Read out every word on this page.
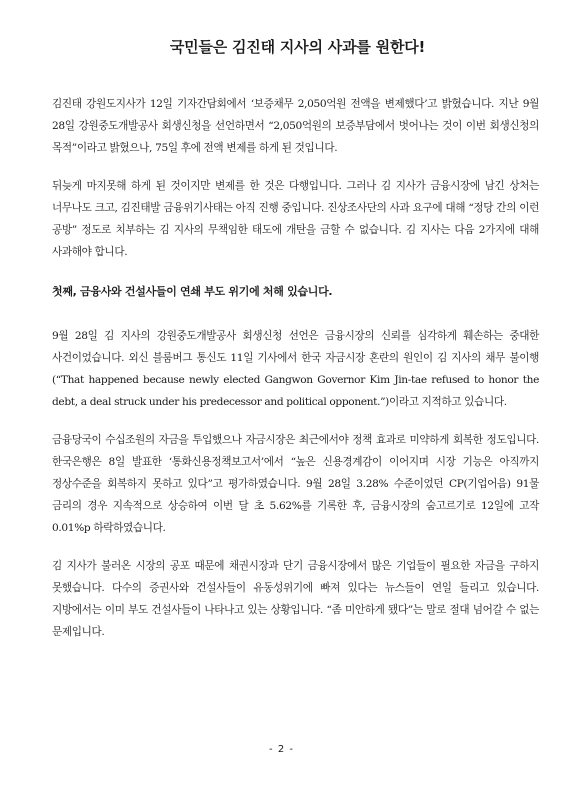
국민들은 김진태 지사의 사과를 원한다!

김진태 강원도지사가 12일 기자간담회에서 ‘보증채무 2,050억원 전액을 변제했다’고 밝혔습니다. 지난 9월 28일 강원중도개발공사 회생신청을 선언하면서 “2,050억원의 보증부담에서 벗어나는 것이 이번 회생신청의 목적”이라고 밝혔으나, 75일 후에 전액 변제를 하게 된 것입니다.

뒤늦게 마지못해 하게 된 것이지만 변제를 한 것은 다행입니다. 그러나 김 지사가 금융시장에 남긴 상처는 너무나도 크고, 김진태발 금융위기사태는 아직 진행 중입니다. 진상조사단의 사과 요구에 대해 “정당 간의 이런 공방” 정도로 치부하는 김 지사의 무책임한 태도에 개탄을 금할 수 없습니다. 김 지사는 다음 2가지에 대해 사과해야 합니다.

첫째, 금융사와 건설사들이 연쇄 부도 위기에 처해 있습니다.

9월 28일 김 지사의 강원중도개발공사 회생신청 선언은 금융시장의 신뢰를 심각하게 훼손하는 중대한 사건이었습니다. 외신 블룸버그 통신도 11일 기사에서 한국 자금시장 혼란의 원인이 김 지사의 채무 불이행(“That happened because newly elected Gangwon Governor Kim Jin-tae refused to honor the debt, a deal struck under his predecessor and political opponent.”)이라고 지적하고 있습니다.

금융당국이 수십조원의 자금을 투입했으나 자금시장은 최근에서야 정책 효과로 미약하게 회복한 정도입니다. 한국은행은 8일 발표한 ‘통화신용정책보고서’에서 “높은 신용경계감이 이어지며 시장 기능은 아직까지 정상수준을 회복하지 못하고 있다”고 평가하였습니다. 9월 28일 3.28% 수준이었던 CP(기업어음) 91물 금리의 경우 지속적으로 상승하여 이번 달 초 5.62%를 기록한 후, 금융시장의 숨고르기로 12일에 고작 0.01%p 하락하였습니다.

김 지사가 불러온 시장의 공포 때문에 채권시장과 단기 금융시장에서 많은 기업들이 필요한 자금을 구하지 못했습니다. 다수의 증권사와 건설사들이 유동성위기에 빠져 있다는 뉴스들이 연일 들리고 있습니다. 지방에서는 이미 부도 건설사들이 나타나고 있는 상황입니다. “좀 미안하게 됐다”는 말로 절대 넘어갈 수 없는 문제입니다.

- 2 -
